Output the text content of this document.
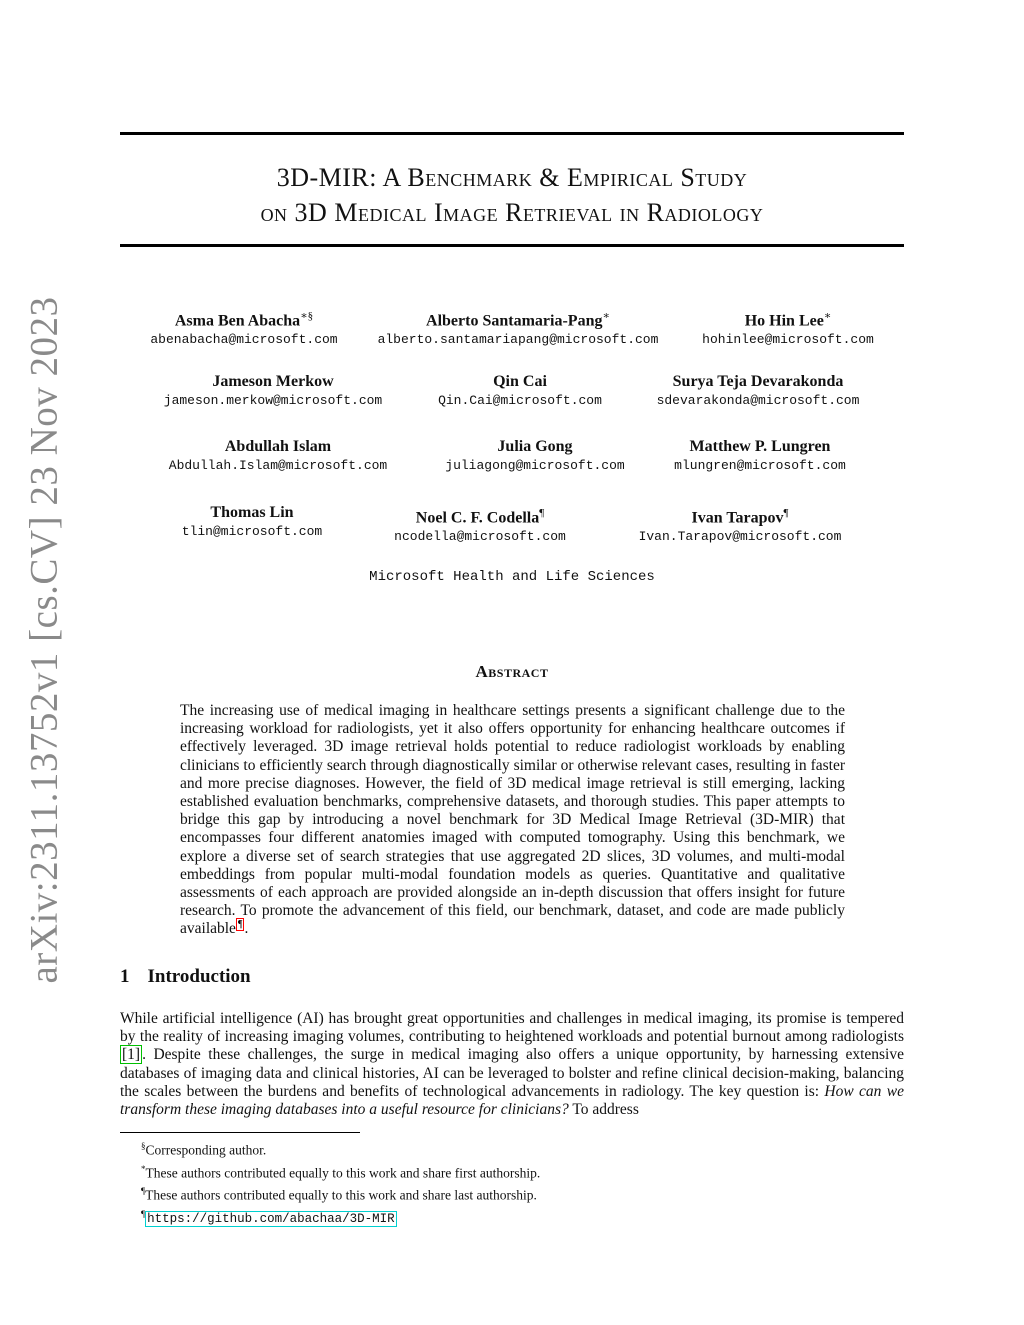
arXiv:2311.13752v1 [cs.CV] 23 Nov 2023
3D-MIR: A Benchmark & Empirical Study
on 3D Medical Image Retrieval in Radiology
Asma Ben Abacha∗§
abenabacha@microsoft.com
Alberto Santamaria-Pang∗
alberto.santamariapang@microsoft.com
Ho Hin Lee∗
hohinlee@microsoft.com
Jameson Merkow
jameson.merkow@microsoft.com
Qin Cai
Qin.Cai@microsoft.com
Surya Teja Devarakonda
sdevarakonda@microsoft.com
Abdullah Islam
Abdullah.Islam@microsoft.com
Julia Gong
juliagong@microsoft.com
Matthew P. Lungren
mlungren@microsoft.com
Thomas Lin
tlin@microsoft.com
Noel C. F. Codella¶
ncodella@microsoft.com
Ivan Tarapov¶
Ivan.Tarapov@microsoft.com
Microsoft Health and Life Sciences
Abstract
The increasing use of medical imaging in healthcare settings presents a significant challenge due to the increasing workload for radiologists, yet it also offers opportunity for enhancing healthcare outcomes if effectively leveraged. 3D image retrieval holds potential to reduce radiologist workloads by enabling clinicians to efficiently search through diagnostically similar or otherwise relevant cases, resulting in faster and more precise diagnoses. However, the field of 3D medical image retrieval is still emerging, lacking established evaluation benchmarks, comprehensive datasets, and thorough studies. This paper attempts to bridge this gap by introducing a novel benchmark for 3D Medical Image Retrieval (3D-MIR) that encompasses four different anatomies imaged with computed tomography. Using this benchmark, we explore a diverse set of search strategies that use aggregated 2D slices, 3D volumes, and multi-modal embeddings from popular multi-modal foundation models as queries. Quantitative and qualitative assessments of each approach are provided alongside an in-depth discussion that offers insight for future research. To promote the advancement of this field, our benchmark, dataset, and code are made publicly available ¶ .
1 Introduction
While artificial intelligence (AI) has brought great opportunities and challenges in medical imaging, its promise is tempered by the reality of increasing imaging volumes, contributing to heightened workloads and potential burnout among radiologists [1] . Despite these challenges, the surge in medical imaging also offers a unique opportunity, by harnessing extensive databases of imaging data and clinical histories, AI can be leveraged to bolster and refine clinical decision-making, balancing the scales between the burdens and benefits of technological advancements in radiology. The key question is: How can we transform these imaging databases into a useful resource for clinicians? To address
§Corresponding author.
*These authors contributed equally to this work and share first authorship.
¶These authors contributed equally to this work and share last authorship.
¶ https://github.com/abachaa/3D-MIR
